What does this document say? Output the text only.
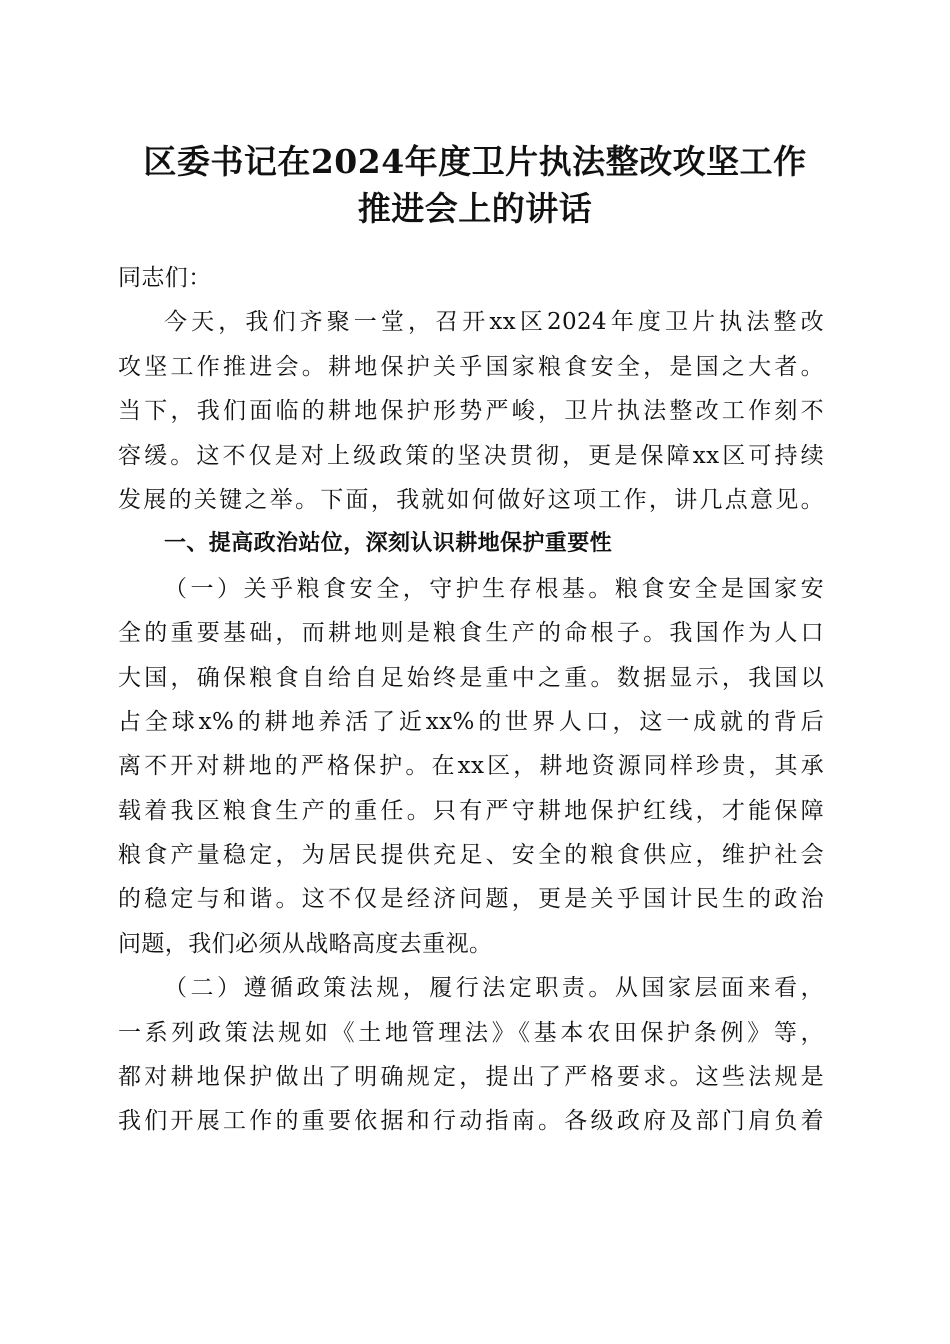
区委书记在2024年度卫片执法整改攻坚工作
推进会上的讲话
同志们：
今天，我们齐聚一堂，召开xx区2024年度卫片执法整改
攻坚工作推进会。耕地保护关乎国家粮食安全，是国之大者。
当下，我们面临的耕地保护形势严峻，卫片执法整改工作刻不
容缓。这不仅是对上级政策的坚决贯彻，更是保障xx区可持续
发展的关键之举。下面，我就如何做好这项工作，讲几点意见。
一、提高政治站位，深刻认识耕地保护重要性
（一）关乎粮食安全，守护生存根基。粮食安全是国家安
全的重要基础，而耕地则是粮食生产的命根子。我国作为人口
大国，确保粮食自给自足始终是重中之重。数据显示，我国以
占全球x%的耕地养活了近xx%的世界人口，这一成就的背后
离不开对耕地的严格保护。在xx区，耕地资源同样珍贵，其承
载着我区粮食生产的重任。只有严守耕地保护红线，才能保障
粮食产量稳定，为居民提供充足、安全的粮食供应，维护社会
的稳定与和谐。这不仅是经济问题，更是关乎国计民生的政治
问题，我们必须从战略高度去重视。
（二）遵循政策法规，履行法定职责。从国家层面来看，
一系列政策法规如《土地管理法》《基本农田保护条例》等，
都对耕地保护做出了明确规定，提出了严格要求。这些法规是
我们开展工作的重要依据和行动指南。各级政府及部门肩负着
